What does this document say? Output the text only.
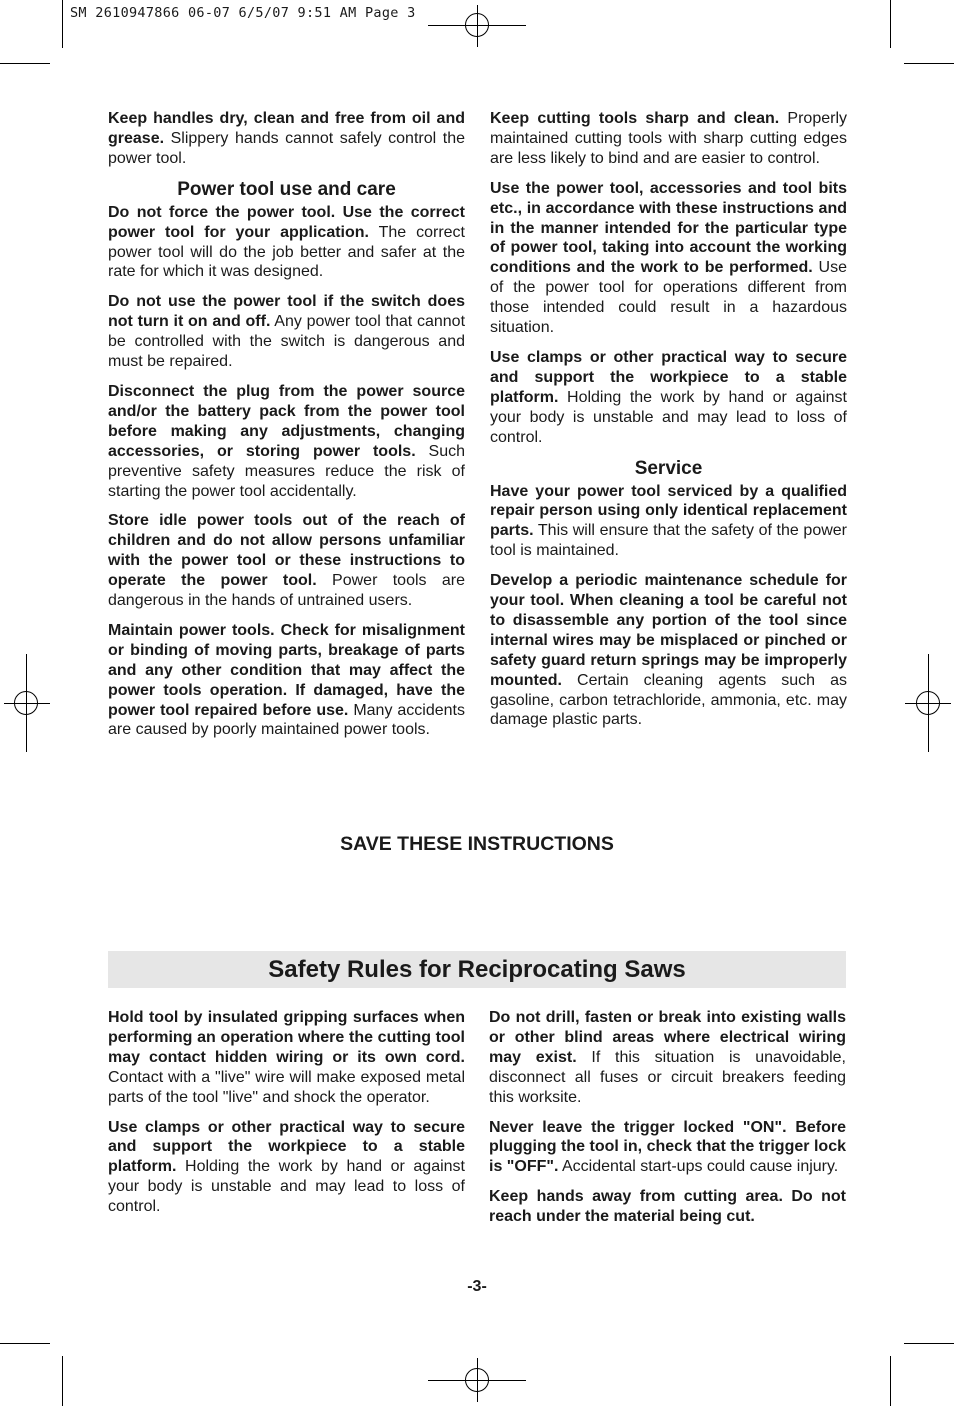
SM 2610947866 06-07 6/5/07 9:51 AM Page 3

Keep handles dry, clean and free from oil and grease. Slippery hands cannot safely control the power tool.

Power tool use and care

Do not force the power tool. Use the correct power tool for your application. The correct power tool will do the job better and safer at the rate for which it was designed.

Do not use the power tool if the switch does not turn it on and off. Any power tool that cannot be controlled with the switch is dangerous and must be repaired.

Disconnect the plug from the power source and/or the battery pack from the power tool before making any adjustments, changing accessories, or storing power tools. Such preventive safety measures reduce the risk of starting the power tool accidentally.

Store idle power tools out of the reach of children and do not allow persons unfamiliar with the power tool or these instructions to operate the power tool. Power tools are dangerous in the hands of untrained users.

Maintain power tools. Check for misalignment or binding of moving parts, breakage of parts and any other condition that may affect the power tools operation. If damaged, have the power tool repaired before use. Many accidents are caused by poorly maintained power tools.

Keep cutting tools sharp and clean. Properly maintained cutting tools with sharp cutting edges are less likely to bind and are easier to control.

Use the power tool, accessories and tool bits etc., in accordance with these instructions and in the manner intended for the particular type of power tool, taking into account the working conditions and the work to be performed. Use of the power tool for operations different from those intended could result in a hazardous situation.

Use clamps or other practical way to secure and support the workpiece to a stable platform. Holding the work by hand or against your body is unstable and may lead to loss of control.

Service

Have your power tool serviced by a qualified repair person using only identical replacement parts. This will ensure that the safety of the power tool is maintained.

Develop a periodic maintenance schedule for your tool. When cleaning a tool be careful not to disassemble any portion of the tool since internal wires may be misplaced or pinched or safety guard return springs may be improperly mounted. Certain cleaning agents such as gasoline, carbon tetrachloride, ammonia, etc. may damage plastic parts.

SAVE THESE INSTRUCTIONS
Safety Rules for Reciprocating Saws

Hold tool by insulated gripping surfaces when performing an operation where the cutting tool may contact hidden wiring or its own cord. Contact with a "live" wire will make exposed metal parts of the tool "live" and shock the operator.

Use clamps or other practical way to secure and support the workpiece to a stable platform. Holding the work by hand or against your body is unstable and may lead to loss of control.

Do not drill, fasten or break into existing walls or other blind areas where electrical wiring may exist. If this situation is unavoidable, disconnect all fuses or circuit breakers feeding this worksite.

Never leave the trigger locked "ON". Before plugging the tool in, check that the trigger lock is "OFF". Accidental start-ups could cause injury.

Keep hands away from cutting area. Do not reach under the material being cut.

-3-
